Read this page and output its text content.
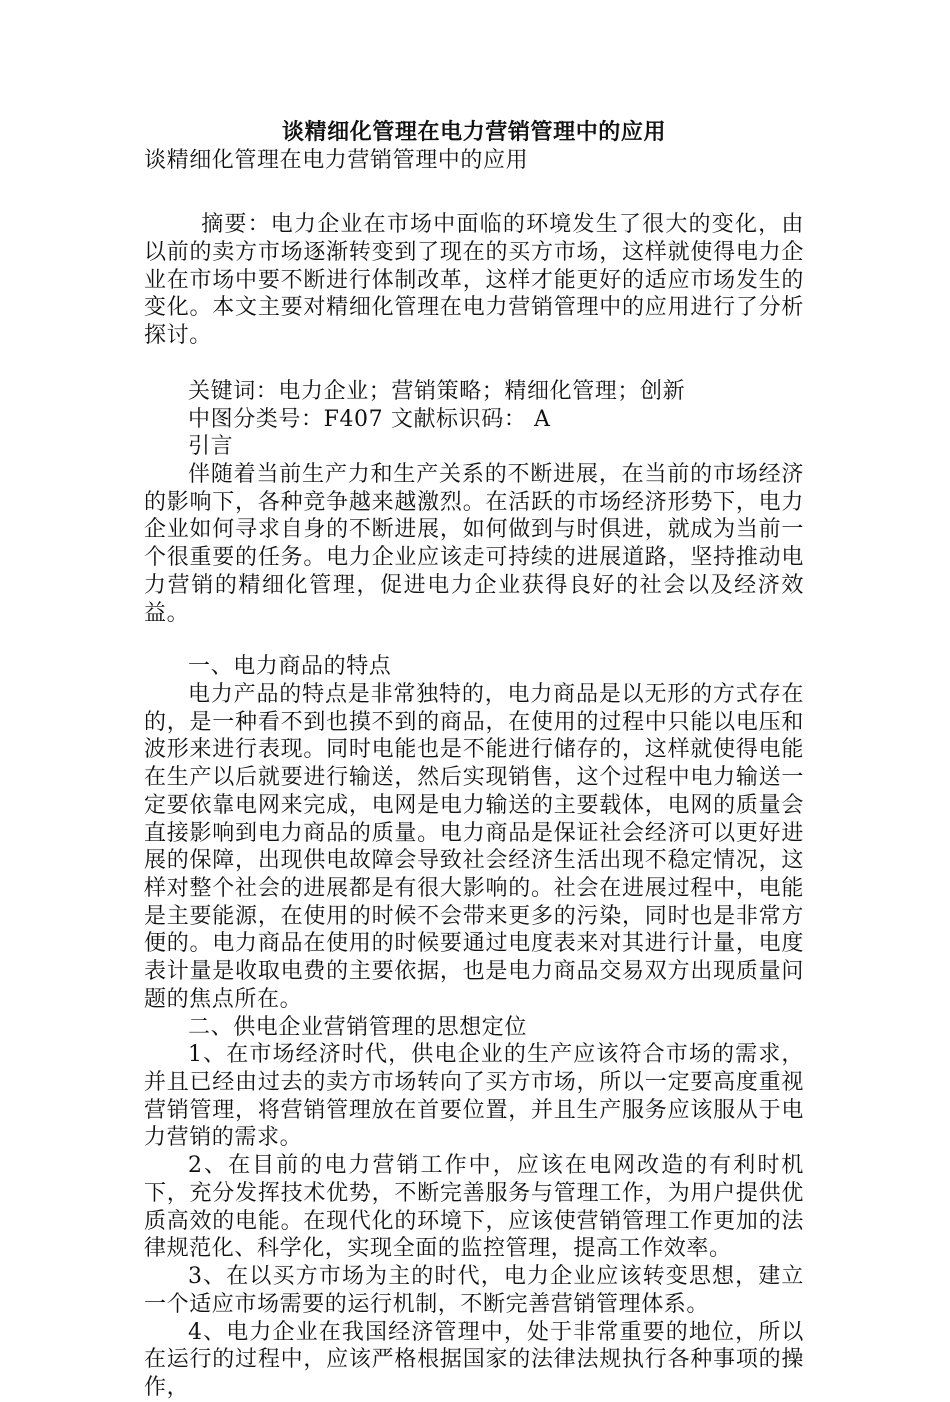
谈精细化管理在电力营销管理中的应用

谈精细化管理在电力营销管理中的应用

摘要：电力企业在市场中面临的环境发生了很大的变化，由以前的卖方市场逐渐转变到了现在的买方市场，这样就使得电力企业在市场中要不断进行体制改革，这样才能更好的适应市场发生的变化。本文主要对精细化管理在电力营销管理中的应用进行了分析探讨。

关键词：电力企业；营销策略；精细化管理；创新

中图分类号：F407 文献标识码： A

引言

伴随着当前生产力和生产关系的不断进展，在当前的市场经济的影响下，各种竞争越来越激烈。在活跃的市场经济形势下，电力企业如何寻求自身的不断进展，如何做到与时俱进，就成为当前一个很重要的任务。电力企业应该走可持续的进展道路，坚持推动电力营销的精细化管理，促进电力企业获得良好的社会以及经济效益。

一、电力商品的特点

电力产品的特点是非常独特的，电力商品是以无形的方式存在的，是一种看不到也摸不到的商品，在使用的过程中只能以电压和波形来进行表现。同时电能也是不能进行储存的，这样就使得电能在生产以后就要进行输送，然后实现销售，这个过程中电力输送一定要依靠电网来完成，电网是电力输送的主要载体，电网的质量会直接影响到电力商品的质量。电力商品是保证社会经济可以更好进展的保障，出现供电故障会导致社会经济生活出现不稳定情况，这样对整个社会的进展都是有很大影响的。社会在进展过程中，电能是主要能源，在使用的时候不会带来更多的污染，同时也是非常方便的。电力商品在使用的时候要通过电度表来对其进行计量，电度表计量是收取电费的主要依据，也是电力商品交易双方出现质量问题的焦点所在。

二、供电企业营销管理的思想定位

1、在市场经济时代，供电企业的生产应该符合市场的需求，并且已经由过去的卖方市场转向了买方市场，所以一定要高度重视营销管理，将营销管理放在首要位置，并且生产服务应该服从于电力营销的需求。

2、在目前的电力营销工作中，应该在电网改造的有利时机下，充分发挥技术优势，不断完善服务与管理工作，为用户提供优质高效的电能。在现代化的环境下，应该使营销管理工作更加的法律规范化、科学化，实现全面的监控管理，提高工作效率。

3、在以买方市场为主的时代，电力企业应该转变思想，建立一个适应市场需要的运行机制，不断完善营销管理体系。

4、电力企业在我国经济管理中，处于非常重要的地位，所以在运行的过程中，应该严格根据国家的法律法规执行各种事项的操作，
